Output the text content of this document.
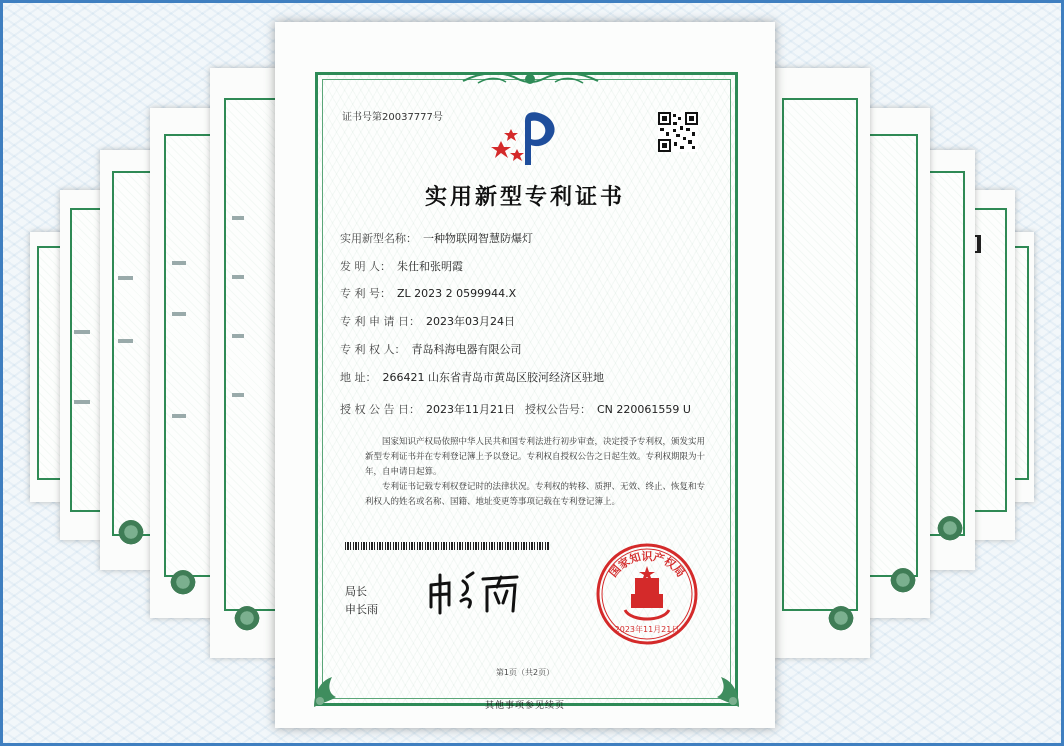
证书号第20037777号
实用新型专利证书
实用新型名称： 一种物联网智慧防爆灯
发 明 人： 朱仕和张明霞
专 利 号： ZL 2023 2 0599944.X
专 利 申 请 日： 2023年03月24日
专 利 权 人： 青岛科海电器有限公司
地 址： 266421 山东省青岛市黄岛区胶河经济区驻地
授 权 公 告 日： 2023年11月21日 授权公告号： CN 220061559 U
国家知识产权局依照中华人民共和国专利法进行初步审查，决定授予专利权，颁发实用新型专利证书并在专利登记簿上予以登记。专利权自授权公告之日起生效。专利权期限为十年，自申请日起算。
专利证书记载专利权登记时的法律状况。专利权的转移、质押、无效、终止、恢复和专利权人的姓名或名称、国籍、地址变更等事项记载在专利登记簿上。
局长
申长雨
国家知识产权局
2023年11月21日
第1页（共2页）
其他事项参见续页
